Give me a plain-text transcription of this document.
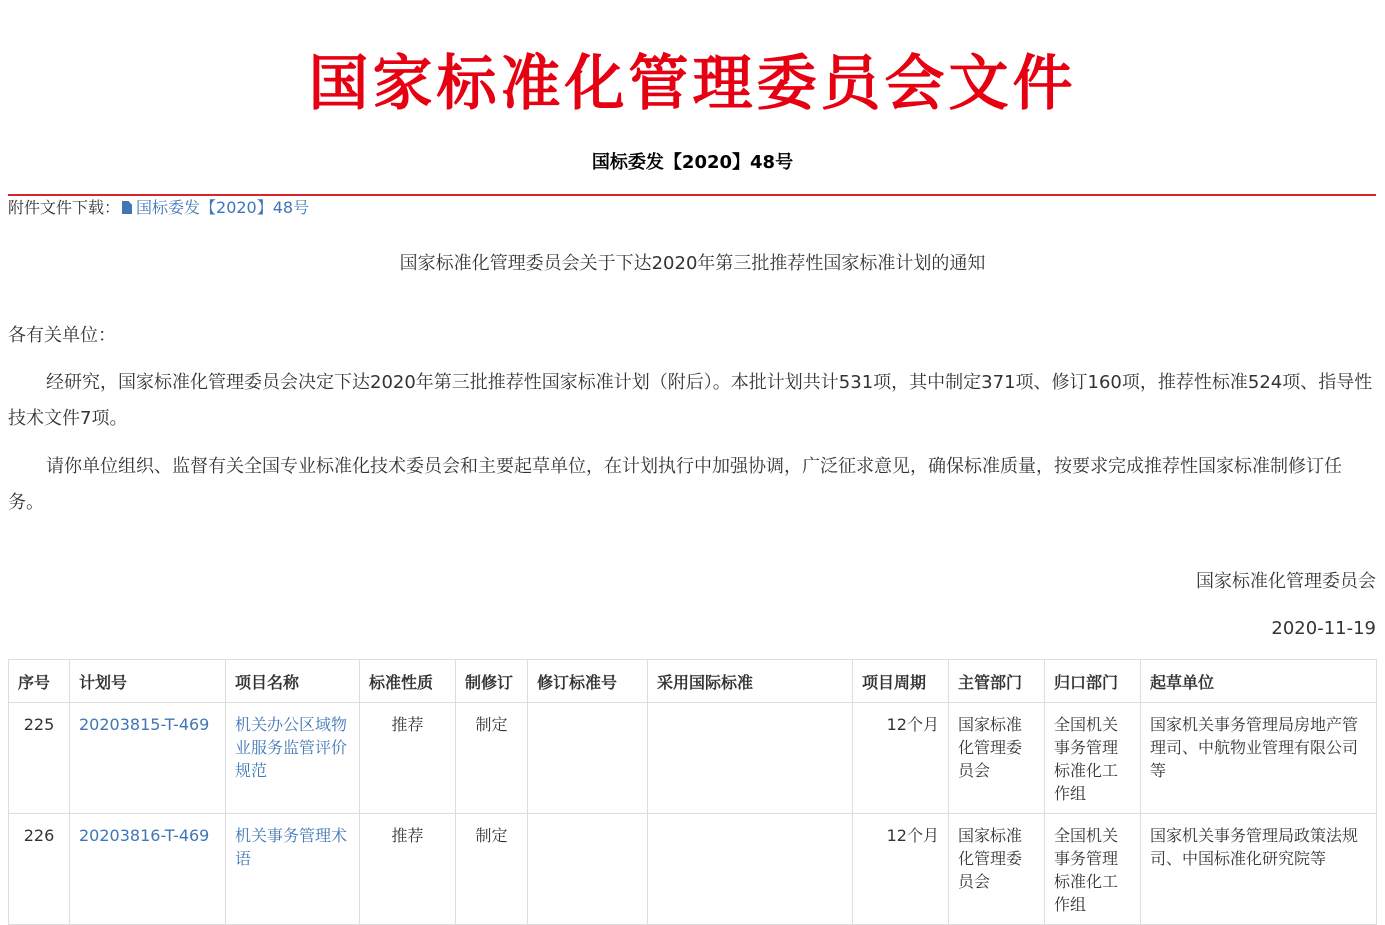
国家标准化管理委员会文件
国标委发【2020】48号
附件文件下载： 国标委发【2020】48号
国家标准化管理委员会关于下达2020年第三批推荐性国家标准计划的通知
各有关单位：

经研究，国家标准化管理委员会决定下达2020年第三批推荐性国家标准计划（附后）。本批计划共计531项，其中制定371项、修订160项，推荐性标准524项、指导性技术文件7项。

请你单位组织、监督有关全国专业标准化技术委员会和主要起草单位，在计划执行中加强协调，广泛征求意见，确保标准质量，按要求完成推荐性国家标准制修订任务。

国家标准化管理委员会
2020-11-19
序号	计划号	项目名称	标准性质	制修订	修订标准号	采用国际标准	项目周期	主管部门	归口部门	起草单位
225	20203815-T-469	机关办公区域物业服务监管评价规范	推荐	制定			12个月	国家标准化管理委员会	全国机关事务管理标准化工作组	国家机关事务管理局房地产管理司、中航物业管理有限公司等
226	20203816-T-469	机关事务管理术语	推荐	制定			12个月	国家标准化管理委员会	全国机关事务管理标准化工作组	国家机关事务管理局政策法规司、中国标准化研究院等
